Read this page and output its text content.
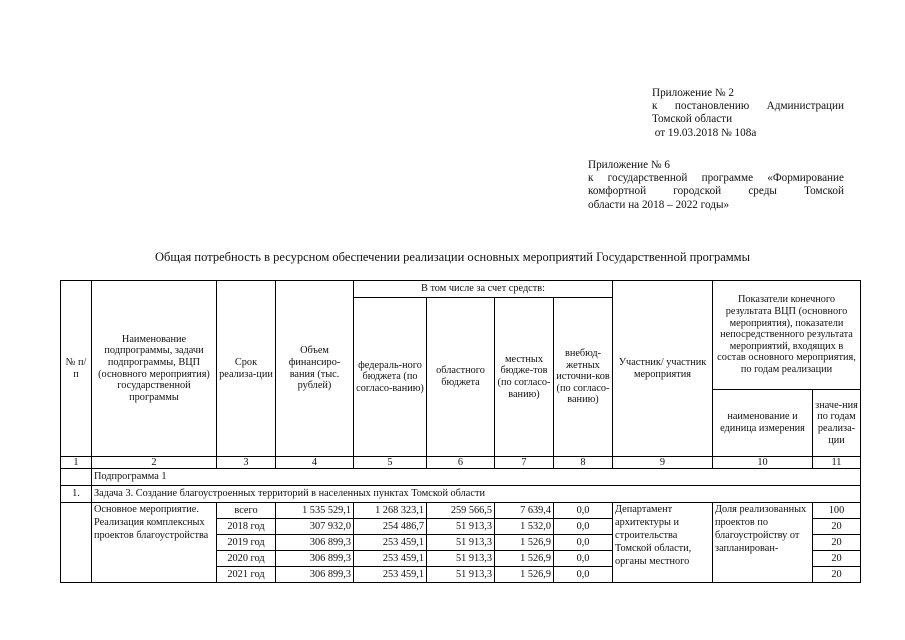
Приложение № 2
к постановлению Администрации
Томской области
от 19.03.2018 № 108а
Приложение № 6
к государственной программе «Формирование
комфортной городской среды Томской
области на 2018 – 2022 годы»
Общая потребность в ресурсном обеспечении реализации основных мероприятий Государственной программы
№ п/п	Наименование подпрограммы, задачи подпрограммы, ВЦП (основного мероприятия) государственной программы	Срок реализа-ции	Объем финансиро-вания (тыс. рублей)	В том числе за счет средств:				Участник/ участник мероприятия	Показатели конечного результата ВЦП (основного мероприятия), показатели непосредственного результата мероприятий, входящих в состав основного мероприятия, по годам реализации	
				федераль-ного бюджета (по согласо-ванию)	областного бюджета	местных бюдже-тов (по согласо-ванию)	внебюд-жетных источни-ков (по согласо-ванию)			
									наименование и единица измерения	значе-ния по годам реализа-ции
1	2	3	4	5	6	7	8	9	10	11
	Подпрограмма 1									
1.	Задача 3. Создание благоустроенных территорий в населенных пунктах Томской области									
	Основное мероприятие. Реализация комплексных проектов благоустройства	всего	1 535 529,1	1 268 323,1	259 566,5	7 639,4	0,0	Департамент архитектуры и строительства Томской области, органы местного	Доля реализованных проектов по благоустройству от запланирован-	100
		2018 год	307 932,0	254 486,7	51 913,3	1 532,0	0,0			20
		2019 год	306 899,3	253 459,1	51 913,3	1 526,9	0,0			20
		2020 год	306 899,3	253 459,1	51 913,3	1 526,9	0,0			20
		2021 год	306 899,3	253 459,1	51 913,3	1 526,9	0,0			20
